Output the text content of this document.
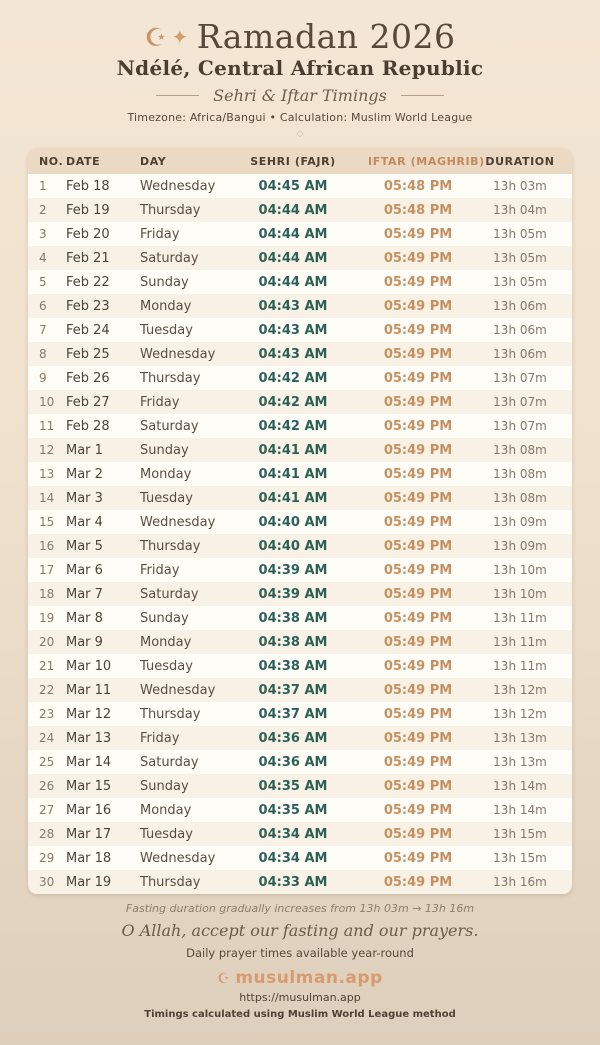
☪ ✦ Ramadan 2026
Ndélé, Central African Republic
Sehri & Iftar Timings
Timezone: Africa/Bangui • Calculation: Muslim World League
◇
NO. DATE	DAY	SEHRI (FAJR)	IFTAR (MAGHRIB) DURATION
1	Feb 18	Wednesday	04:45 AM	05:48 PM	13h 03m
2	Feb 19	Thursday	04:44 AM	05:48 PM	13h 04m
3	Feb 20	Friday	04:44 AM	05:49 PM	13h 05m
4	Feb 21	Saturday	04:44 AM	05:49 PM	13h 05m
5	Feb 22	Sunday	04:44 AM	05:49 PM	13h 05m
6	Feb 23	Monday	04:43 AM	05:49 PM	13h 06m
7	Feb 24	Tuesday	04:43 AM	05:49 PM	13h 06m
8	Feb 25	Wednesday	04:43 AM	05:49 PM	13h 06m
9	Feb 26	Thursday	04:42 AM	05:49 PM	13h 07m
10 Feb 27	Friday	04:42 AM	05:49 PM	13h 07m
11 Feb 28	Saturday	04:42 AM	05:49 PM	13h 07m
12 Mar 1	Sunday	04:41 AM	05:49 PM	13h 08m
13 Mar 2	Monday	04:41 AM	05:49 PM	13h 08m
14 Mar 3	Tuesday	04:41 AM	05:49 PM	13h 08m
15 Mar 4	Wednesday	04:40 AM	05:49 PM	13h 09m
16 Mar 5	Thursday	04:40 AM	05:49 PM	13h 09m
17 Mar 6	Friday	04:39 AM	05:49 PM	13h 10m
18 Mar 7	Saturday	04:39 AM	05:49 PM	13h 10m
19 Mar 8	Sunday	04:38 AM	05:49 PM	13h 11m
20 Mar 9	Monday	04:38 AM	05:49 PM	13h 11m
21 Mar 10	Tuesday	04:38 AM	05:49 PM	13h 11m
22 Mar 11	Wednesday	04:37 AM	05:49 PM	13h 12m
23 Mar 12	Thursday	04:37 AM	05:49 PM	13h 12m
24 Mar 13	Friday	04:36 AM	05:49 PM	13h 13m
25 Mar 14	Saturday	04:36 AM	05:49 PM	13h 13m
26 Mar 15	Sunday	04:35 AM	05:49 PM	13h 14m
27 Mar 16	Monday	04:35 AM	05:49 PM	13h 14m
28 Mar 17	Tuesday	04:34 AM	05:49 PM	13h 15m
29 Mar 18	Wednesday	04:34 AM	05:49 PM	13h 15m
30 Mar 19	Thursday	04:33 AM	05:49 PM	13h 16m
Fasting duration gradually increases from 13h 03m → 13h 16m
O Allah, accept our fasting and our prayers.
Daily prayer times available year-round
☪ musulman.app
https://musulman.app
Timings calculated using Muslim World League method
